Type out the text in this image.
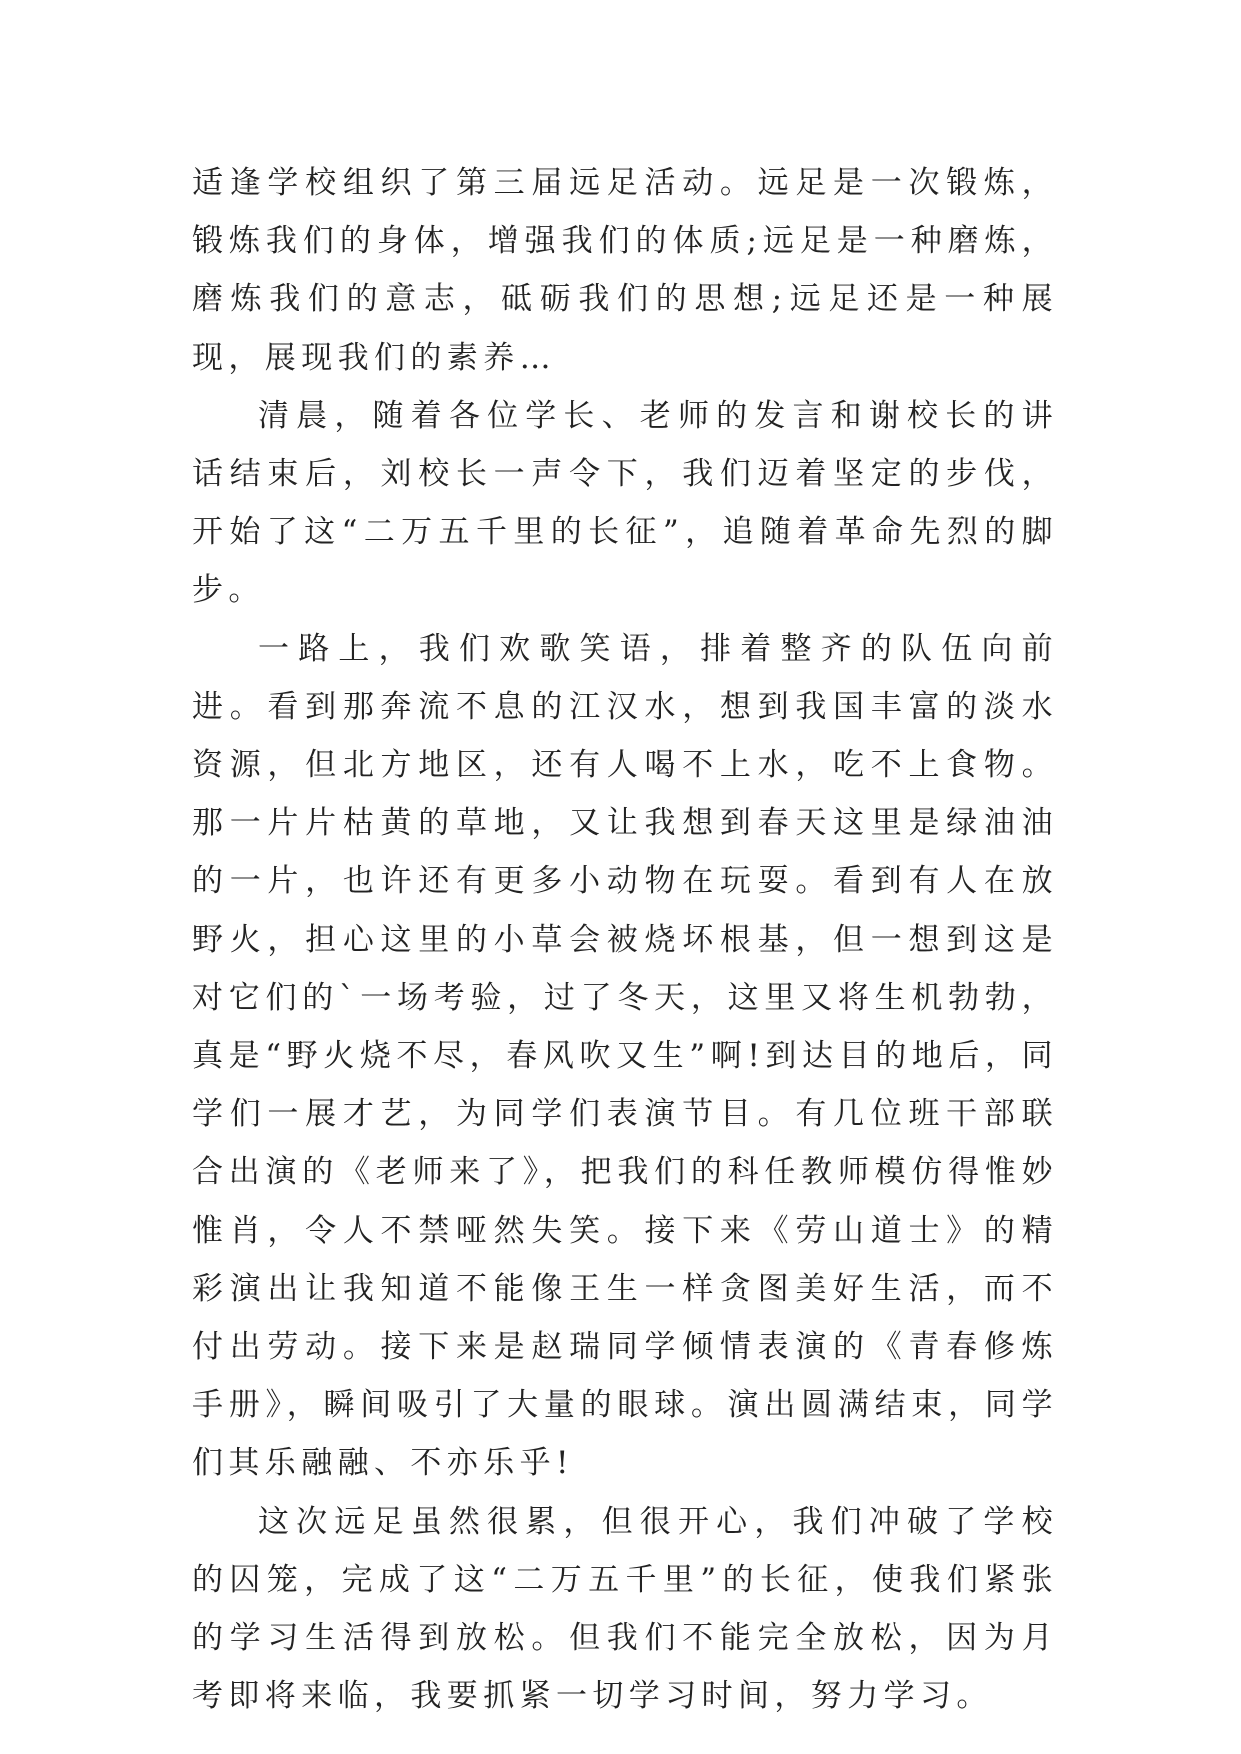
适逢学校组织了第三届远足活动。远足是一次锻炼，锻炼我们的身体，增强我们的体质;远足是一种磨炼，磨炼我们的意志，砥砺我们的思想;远足还是一种展现，展现我们的素养…

清晨，随着各位学长、老师的发言和谢校长的讲话结束后，刘校长一声令下，我们迈着坚定的步伐，开始了这“二万五千里的长征”，追随着革命先烈的脚步。

一路上，我们欢歌笑语，排着整齐的队伍向前进。看到那奔流不息的江汉水，想到我国丰富的淡水资源，但北方地区，还有人喝不上水，吃不上食物。那一片片枯黄的草地，又让我想到春天这里是绿油油的一片，也许还有更多小动物在玩耍。看到有人在放野火，担心这里的小草会被烧坏根基，但一想到这是对它们的`一场考验，过了冬天，这里又将生机勃勃，真是“野火烧不尽，春风吹又生”啊!到达目的地后，同学们一展才艺，为同学们表演节目。有几位班干部联合出演的《老师来了》，把我们的科任教师模仿得惟妙惟肖，令人不禁哑然失笑。接下来《劳山道士》的精彩演出让我知道不能像王生一样贪图美好生活，而不付出劳动。接下来是赵瑞同学倾情表演的《青春修炼手册》，瞬间吸引了大量的眼球。演出圆满结束，同学们其乐融融、不亦乐乎!

这次远足虽然很累，但很开心，我们冲破了学校的囚笼，完成了这“二万五千里”的长征，使我们紧张的学习生活得到放松。但我们不能完全放松，因为月考即将来临，我要抓紧一切学习时间，努力学习。
